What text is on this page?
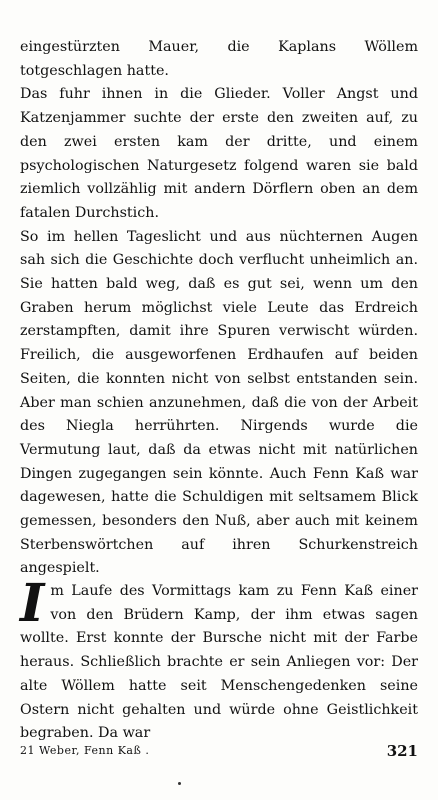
eingestürzten Mauer, die Kaplans Wöllem totgeschlagen hatte.

Das fuhr ihnen in die Glieder. Voller Angst und Katzenjammer suchte der erste den zweiten auf, zu den zwei ersten kam der dritte, und einem psychologischen Naturgesetz folgend waren sie bald ziemlich vollzählig mit andern Dörflern oben an dem fatalen Durchstich.

So im hellen Tageslicht und aus nüchternen Augen sah sich die Geschichte doch verflucht unheimlich an. Sie hatten bald weg, daß es gut sei, wenn um den Graben herum möglichst viele Leute das Erdreich zerstampften, damit ihre Spuren verwischt würden. Freilich, die ausgeworfenen Erdhaufen auf beiden Seiten, die konnten nicht von selbst entstanden sein. Aber man schien anzunehmen, daß die von der Arbeit des Niegla herrührten. Nirgends wurde die Vermutung laut, daß da etwas nicht mit natürlichen Dingen zugegangen sein könnte. Auch Fenn Kaß war dagewesen, hatte die Schuldigen mit seltsamem Blick gemessen, besonders den Nuß, aber auch mit keinem Sterbenswörtchen auf ihren Schurkenstreich angespielt.

I m Laufe des Vormittags kam zu Fenn Kaß einer von den Brüdern Kamp, der ihm etwas sagen wollte. Erst konnte der Bursche nicht mit der Farbe heraus. Schließlich brachte er sein Anliegen vor: Der alte Wöllem hatte seit Menschengedenken seine Ostern nicht gehalten und würde ohne Geistlichkeit begraben. Da war

21 Weber, Fenn Kaß .	321
